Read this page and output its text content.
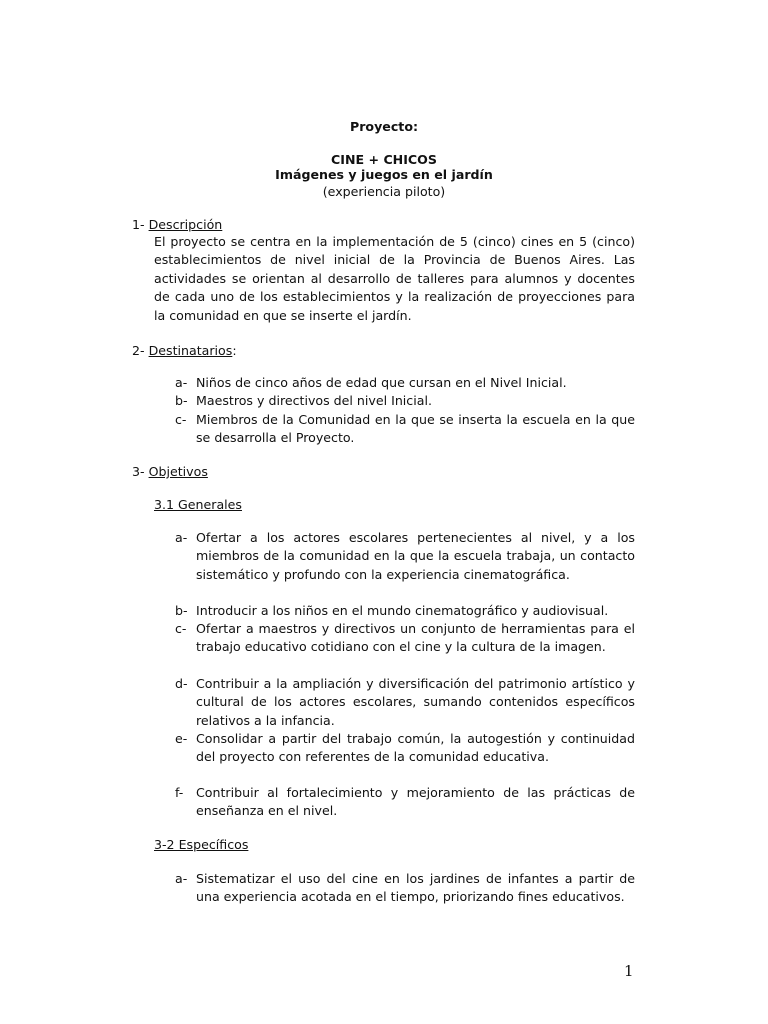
Proyecto:
CINE + CHICOS
Imágenes y juegos en el jardín
(experiencia piloto)
1- Descripción
El proyecto se centra en la implementación de 5 (cinco) cines en 5 (cinco) establecimientos de nivel inicial de la Provincia de Buenos Aires. Las actividades se orientan al desarrollo de talleres para alumnos y docentes de cada uno de los establecimientos y la realización de proyecciones para la comunidad en que se inserte el jardín.
2- Destinatarios:
a- Niños de cinco años de edad que cursan en el Nivel Inicial.
b- Maestros y directivos del nivel Inicial.
c- Miembros de la Comunidad en la que se inserta la escuela en la que se desarrolla el Proyecto.
3- Objetivos
3.1 Generales
a- Ofertar a los actores escolares pertenecientes al nivel, y a los miembros de la comunidad en la que la escuela trabaja, un contacto sistemático y profundo con la experiencia cinematográfica.
b- Introducir a los niños en el mundo cinematográfico y audiovisual.
c- Ofertar a maestros y directivos un conjunto de herramientas para el trabajo educativo cotidiano con el cine y la cultura de la imagen.
d- Contribuir a la ampliación y diversificación del patrimonio artístico y cultural de los actores escolares, sumando contenidos específicos relativos a la infancia.
e- Consolidar a partir del trabajo común, la autogestión y continuidad del proyecto con referentes de la comunidad educativa.
f- Contribuir al fortalecimiento y mejoramiento de las prácticas de enseñanza en el nivel.
3-2 Específicos
a- Sistematizar el uso del cine en los jardines de infantes a partir de una experiencia acotada en el tiempo, priorizando fines educativos.
1
